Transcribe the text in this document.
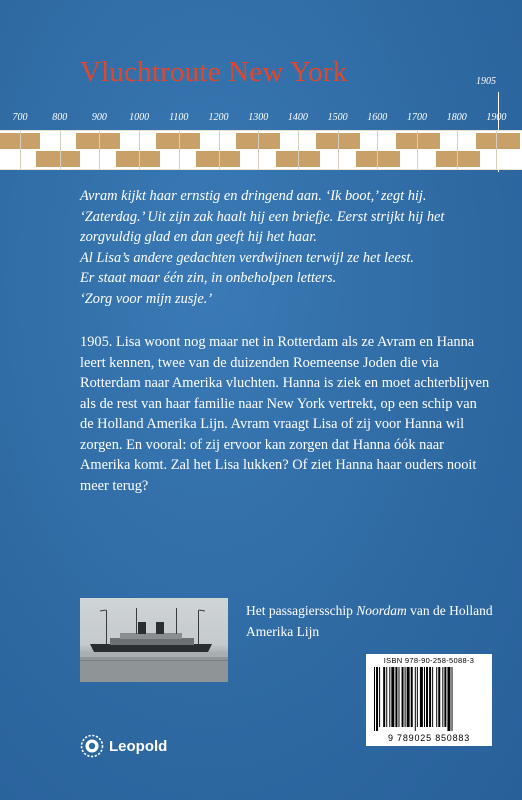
Vluchtroute New York	1905
700 800 900 1000 1100 1200 1300 1400 1500 1600 1700 1800 1900

Avram kijkt haar ernstig en dringend aan. ‘Ik boot,’ zegt hij. ‘Zaterdag.’ Uit zijn zak haalt hij een briefje. Eerst strijkt hij het zorgvuldig glad en dan geeft hij het haar.

Al Lisa’s andere gedachten verdwijnen terwijl ze het leest.

Er staat maar één zin, in onbeholpen letters.

‘Zorg voor mijn zusje.’

1905. Lisa woont nog maar net in Rotterdam als ze Avram en Hanna leert kennen, twee van de duizenden Roemeense Joden die via Rotterdam naar Amerika vluchten. Hanna is ziek en moet achterblijven als de rest van haar familie naar New York vertrekt, op een schip van de Holland Amerika Lijn. Avram vraagt Lisa of zij voor Hanna wil zorgen. En vooral: of zij ervoor kan zorgen dat Hanna óók naar Amerika komt. Zal het Lisa lukken? Of ziet Hanna haar ouders nooit meer terug?
Het passagiersschip Noordam van de Holland Amerika Lijn
ISBN 978-90-258-5088-3
9 789025 850883
Leopold
